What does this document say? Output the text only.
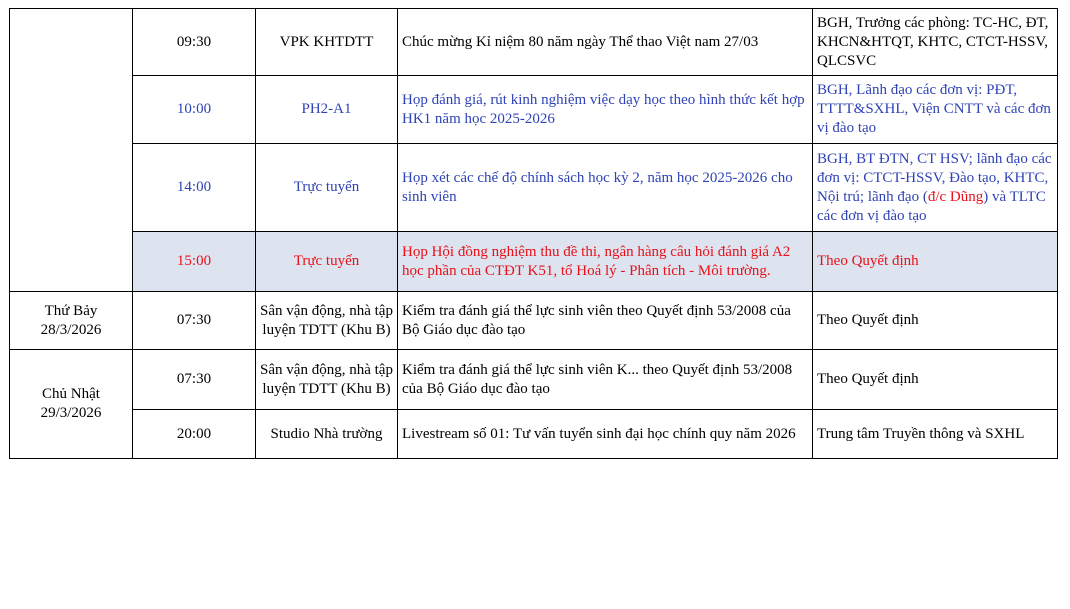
	09:30	VPK KHTDTT	Chúc mừng Kỉ niệm 80 năm ngày Thể thao Việt nam 27/03	BGH, Trưởng các phòng: TC-HC, ĐT, KHCN&HTQT, KHTC, CTCT-HSSV, QLCSVC
	10:00	PH2-A1	Họp đánh giá, rút kinh nghiệm việc dạy học theo hình thức kết hợp HK1 năm học 2025-2026	BGH, Lãnh đạo các đơn vị: PĐT, TTTT&SXHL, Viện CNTT và các đơn vị đào tạo
	14:00	Trực tuyến	Họp xét các chế độ chính sách học kỳ 2, năm học 2025-2026 cho sinh viên	BGH, BT ĐTN, CT HSV; lãnh đạo các đơn vị: CTCT-HSSV, Đào tạo, KHTC, Nội trú; lãnh đạo (đ/c Dũng) và TLTC các đơn vị đào tạo
	15:00	Trực tuyến	Họp Hội đồng nghiệm thu đề thi, ngân hàng câu hỏi đánh giá A2 học phần của CTĐT K51, tổ Hoá lý - Phân tích - Môi trường.	Theo Quyết định

Thứ Bảy
28/3/2026	07:30	Sân vận động, nhà tập luyện TDTT (Khu B)	Kiểm tra đánh giá thể lực sinh viên theo Quyết định 53/2008 của Bộ Giáo dục đào tạo	Theo Quyết định

Chủ Nhật
29/3/2026	07:30	Sân vận động, nhà tập luyện TDTT (Khu B)	Kiểm tra đánh giá thể lực sinh viên K... theo Quyết định 53/2008 của Bộ Giáo dục đào tạo	Theo Quyết định
	20:00	Studio Nhà trường	Livestream số 01: Tư vấn tuyển sinh đại học chính quy năm 2026	Trung tâm Truyền thông và SXHL
